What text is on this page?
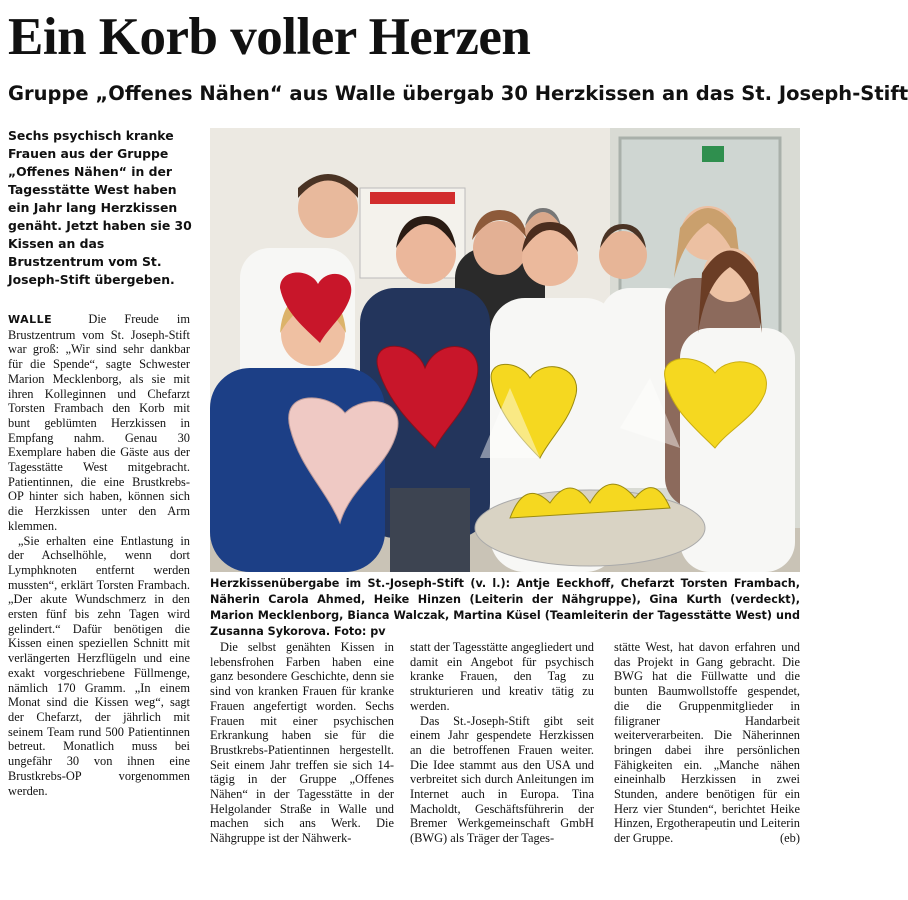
Ein Korb voller Herzen
Gruppe „Offenes Nähen“ aus Walle übergab 30 Herzkissen an das St. Joseph-Stift

Sechs psychisch kranke Frauen aus der Gruppe „Offenes Nähen“ in der Tagesstätte West haben ein Jahr lang Herzkissen genäht. Jetzt haben sie 30 Kissen an das Brustzentrum vom St. Joseph-Stift übergeben.

Herzkissenübergabe im St.-Joseph-Stift (v. l.): Antje Eeckhoff, Chefarzt Torsten Frambach, Näherin Carola Ahmed, Heike Hinzen (Leiterin der Nähgruppe), Gina Kurth (verdeckt), Marion Mecklenborg, Bianca Walczak, Martina Küsel (Teamleiterin der Tagesstätte West) und Zusanna Sykorova. Foto: pv

WALLE	Die Freude im Brustzentrum vom St. Joseph-Stift war groß: „Wir sind sehr dankbar für die Spende“, sagte Schwester Marion Mecklenborg, als sie mit ihren Kolleginnen und Chefarzt Torsten Frambach den Korb mit bunt geblümten Herzkissen in Empfang nahm. Genau 30 Exemplare haben die Gäste aus der Tagesstätte West mitgebracht. Patientinnen, die eine Brustkrebs-OP hinter sich haben, können sich die Herzkissen unter den Arm klemmen.

„Sie erhalten eine Entlastung in der Achselhöhle, wenn dort Lymphknoten entfernt werden mussten“, erklärt Torsten Frambach. „Der akute Wundschmerz in den ersten fünf bis zehn Tagen wird gelindert.“ Dafür benötigen die Kissen einen speziellen Schnitt mit verlängerten Herzflügeln und eine exakt vorgeschriebene Füllmenge, nämlich 170 Gramm. „In einem Monat sind die Kissen weg“, sagt der Chefarzt, der jährlich mit seinem Team rund 500 Patientinnen betreut. Monatlich muss bei ungefähr 30 von ihnen eine Brustkrebs-OP vorgenommen werden.

Die selbst genähten Kissen in lebensfrohen Farben haben eine ganz besondere Geschichte, denn sie sind von kranken Frauen für kranke Frauen angefertigt worden. Sechs Frauen mit einer psychischen Erkrankung haben sie für die Brustkrebs-Patientinnen hergestellt. Seit einem Jahr treffen sie sich 14-tägig in der Gruppe „Offenes Nähen“ in der Tagesstätte in der Helgolander Straße in Walle und machen sich ans Werk. Die Nähgruppe ist der Nähwerk-

statt der Tagesstätte angegliedert und damit ein Angebot für psychisch kranke Frauen, den Tag zu strukturieren und kreativ tätig zu werden.

Das St.-Joseph-Stift gibt seit einem Jahr gespendete Herzkissen an die betroffenen Frauen weiter. Die Idee stammt aus den USA und verbreitet sich durch Anleitungen im Internet auch in Europa. Tina Macholdt, Geschäftsführerin der Bremer Werkgemeinschaft GmbH (BWG) als Träger der Tages-

stätte West, hat davon erfahren und das Projekt in Gang gebracht. Die BWG hat die Füllwatte und die bunten Baumwollstoffe gespendet, die die Gruppenmitglieder in filigraner Handarbeit weiterverarbeiten. Die Näherinnen bringen dabei ihre persönlichen Fähigkeiten ein. „Manche nähen eineinhalb Herzkissen in zwei Stunden, andere benötigen für ein Herz vier Stunden“, berichtet Heike Hinzen, Ergotherapeutin und Leiterin der Gruppe.	(eb)
